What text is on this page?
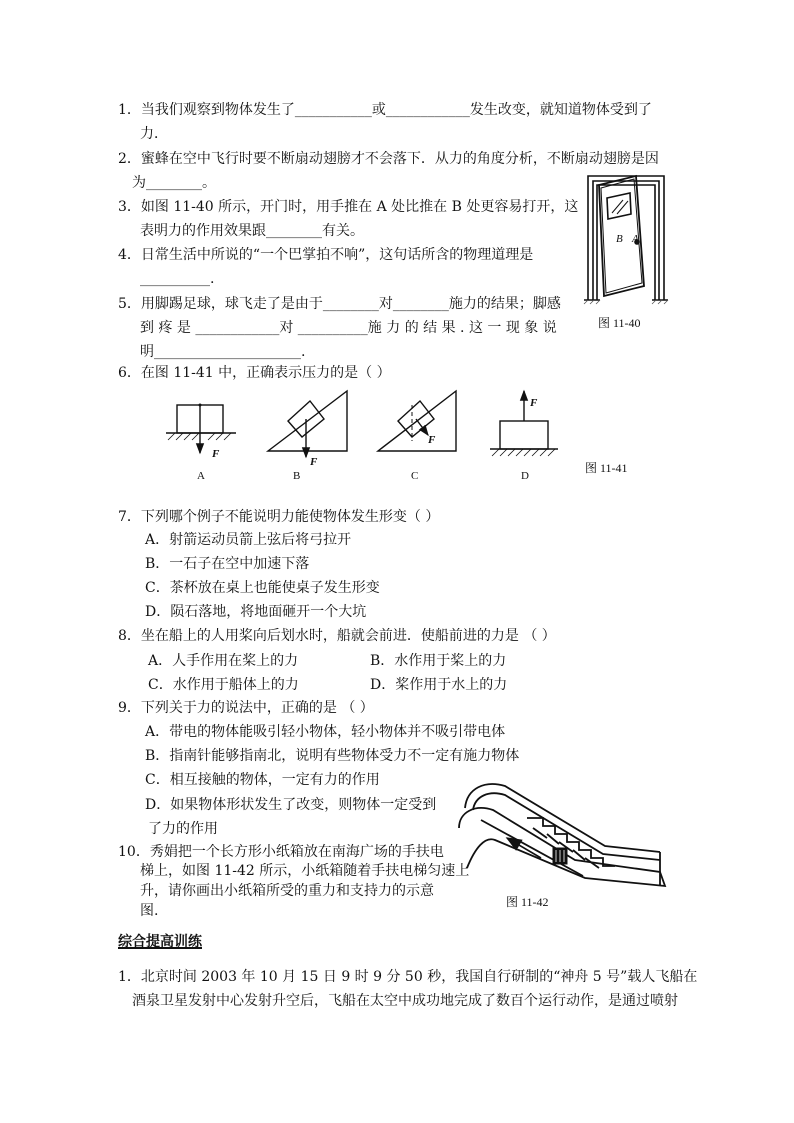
1．当我们观察到物体发生了___________或____________发生改变，就知道物体受到了
力．
2．蜜蜂在空中飞行时要不断扇动翅膀才不会落下．从力的角度分析，不断扇动翅膀是因
为________。
3．如图 11-40 所示，开门时，用手推在 A 处比推在 B 处更容易打开，这
表明力的作用效果跟________有关。
4．日常生活中所说的“一个巴掌拍不响”，这句话所含的物理道理是
__________.
5．用脚踢足球，球飞走了是由于________对________施力的结果；脚感
到 疼 是 ____________对 __________施 力 的 结 果 . 这 一 现 象 说
明_____________________.
6．在图 11-41 中，正确表示压力的是（ ）
B A
图 11-40
F
F
F
F
A	B	C	D
图 11-41
7．下列哪个例子不能说明力能使物体发生形变（ ）
A．射箭运动员箭上弦后将弓拉开
B．一石子在空中加速下落
C．茶杯放在桌上也能使桌子发生形变
D．陨石落地，将地面砸开一个大坑
8．坐在船上的人用桨向后划水时，船就会前进．使船前进的力是 （ ）
A．人手作用在桨上的力	B．水作用于桨上的力
C．水作用于船体上的力	D．桨作用于水上的力
9．下列关于力的说法中，正确的是 （ ）
A．带电的物体能吸引轻小物体，轻小物体并不吸引带电体
B．指南针能够指南北，说明有些物体受力不一定有施力物体
C．相互接触的物体，一定有力的作用
D．如果物体形状发生了改变，则物体一定受到
了力的作用
10．秀娟把一个长方形小纸箱放在南海广场的手扶电
梯上，如图 11-42 所示，小纸箱随着手扶电梯匀速上
升，请你画出小纸箱所受的重力和支持力的示意
图.
图 11-42
综合提高训练
1．北京时间 2003 年 10 月 15 日 9 时 9 分 50 秒，我国自行研制的“神舟 5 号”载人飞船在
酒泉卫星发射中心发射升空后，飞船在太空中成功地完成了数百个运行动作，是通过喷射
